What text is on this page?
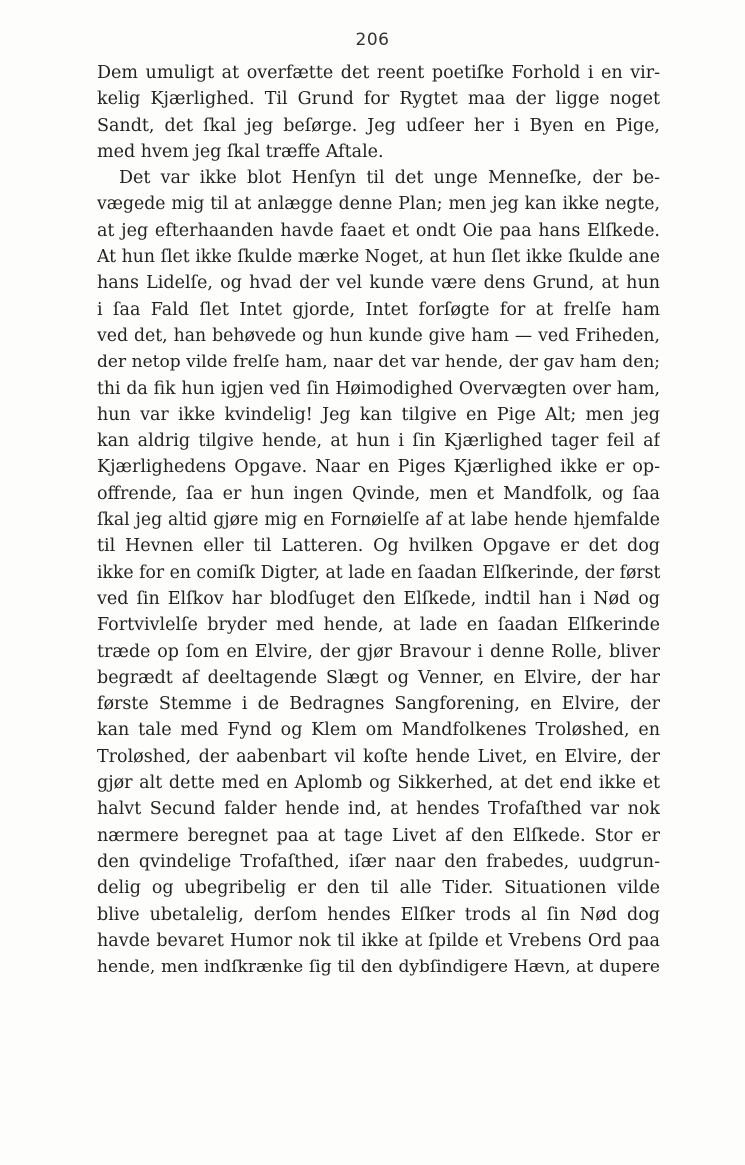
206
Dem umuligt at overfætte det reent poetiſke Forhold i en vir-
kelig Kjærlighed. Til Grund for Rygtet maa der ligge noget
Sandt, det ſkal jeg beſørge. Jeg udſeer her i Byen en Pige,
med hvem jeg ſkal træffe Aftale.
Det var ikke blot Henſyn til det unge Menneſke, der be-
vægede mig til at anlægge denne Plan; men jeg kan ikke negte,
at jeg efterhaanden havde faaet et ondt Oie paa hans Elſkede.
At hun ſlet ikke ſkulde mærke Noget, at hun ſlet ikke ſkulde ane
hans Lidelſe, og hvad der vel kunde være dens Grund, at hun
i ſaa Fald ſlet Intet gjorde, Intet forſøgte for at frelſe ham
ved det, han behøvede og hun kunde give ham — ved Friheden,
der netop vilde frelſe ham, naar det var hende, der gav ham den;
thi da fik hun igjen ved ſin Høimodighed Overvægten over ham,
hun var ikke kvindelig! Jeg kan tilgive en Pige Alt; men jeg
kan aldrig tilgive hende, at hun i ſin Kjærlighed tager feil af
Kjærlighedens Opgave. Naar en Piges Kjærlighed ikke er op-
offrende, ſaa er hun ingen Qvinde, men et Mandfolk, og ſaa
ſkal jeg altid gjøre mig en Fornøielſe af at labe hende hjemfalde
til Hevnen eller til Latteren. Og hvilken Opgave er det dog
ikke for en comiſk Digter, at lade en ſaadan Elſkerinde, der først
ved ſin Elſkov har blodſuget den Elſkede, indtil han i Nød og
Fortvivlelſe bryder med hende, at lade en ſaadan Elſkerinde
træde op ſom en Elvire, der gjør Bravour i denne Rolle, bliver
begrædt af deeltagende Slægt og Venner, en Elvire, der har
første Stemme i de Bedragnes Sangforening, en Elvire, der
kan tale med Fynd og Klem om Mandfolkenes Troløshed, en
Troløshed, der aabenbart vil koſte hende Livet, en Elvire, der
gjør alt dette med en Aplomb og Sikkerhed, at det end ikke et
halvt Secund falder hende ind, at hendes Trofaſthed var nok
nærmere beregnet paa at tage Livet af den Elſkede. Stor er
den qvindelige Trofaſthed, iſær naar den frabedes, uudgrun-
delig og ubegribelig er den til alle Tider. Situationen vilde
blive ubetalelig, derſom hendes Elſker trods al ſin Nød dog
havde bevaret Humor nok til ikke at ſpilde et Vrebens Ord paa
hende, men indſkrænke ſig til den dybſindigere Hævn, at dupere
